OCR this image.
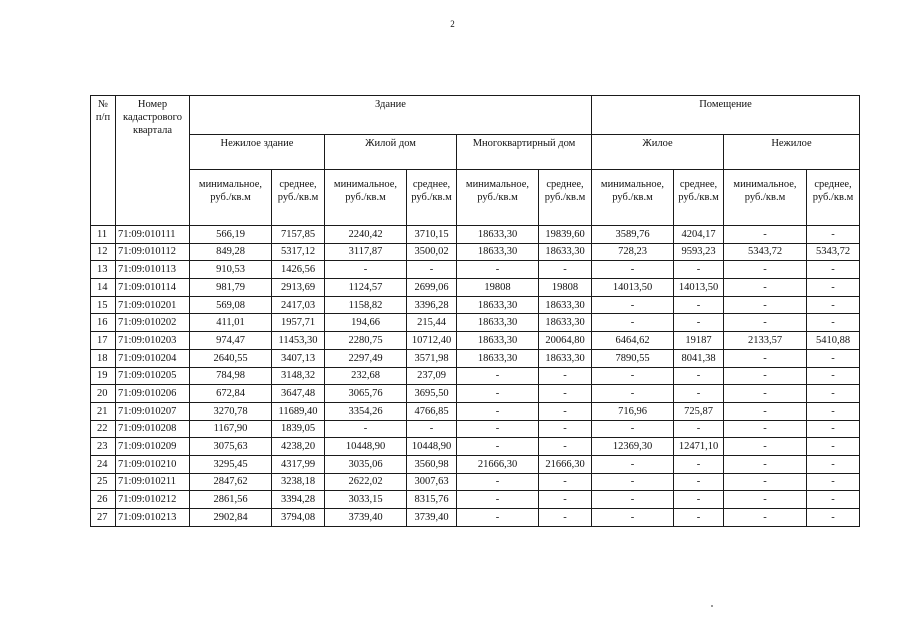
2
№ п/п	Номер кадастрового квартала	Здание						Помещение			
		Нежилое здание		Жилой дом		Многоквартирный дом		Жилое		Нежилое	
		минимальное, руб./кв.м	среднее, руб./кв.м	минимальное, руб./кв.м	среднее, руб./кв.м	минимальное, руб./кв.м	среднее, руб./кв.м	минимальное, руб./кв.м	среднее, руб./кв.м	минимальное, руб./кв.м	среднее, руб./кв.м
11	71:09:010111	566,19	7157,85	2240,42	3710,15	18633,30	19839,60	3589,76	4204,17	-	-
12	71:09:010112	849,28	5317,12	3117,87	3500,02	18633,30	18633,30	728,23	9593,23	5343,72	5343,72
13	71:09:010113	910,53	1426,56	-	-	-	-	-	-	-	-
14	71:09:010114	981,79	2913,69	1124,57	2699,06	19808	19808	14013,50	14013,50	-	-
15	71:09:010201	569,08	2417,03	1158,82	3396,28	18633,30	18633,30	-	-	-	-
16	71:09:010202	411,01	1957,71	194,66	215,44	18633,30	18633,30	-	-	-	-
17	71:09:010203	974,47	11453,30	2280,75	10712,40	18633,30	20064,80	6464,62	19187	2133,57	5410,88
18	71:09:010204	2640,55	3407,13	2297,49	3571,98	18633,30	18633,30	7890,55	8041,38	-	-
19	71:09:010205	784,98	3148,32	232,68	237,09	-	-	-	-	-	-
20	71:09:010206	672,84	3647,48	3065,76	3695,50	-	-	-	-	-	-
21	71:09:010207	3270,78	11689,40	3354,26	4766,85	-	-	716,96	725,87	-	-
22	71:09:010208	1167,90	1839,05	-	-	-	-	-	-	-	-
23	71:09:010209	3075,63	4238,20	10448,90	10448,90	-	-	12369,30	12471,10	-	-
24	71:09:010210	3295,45	4317,99	3035,06	3560,98	21666,30	21666,30	-	-	-	-
25	71:09:010211	2847,62	3238,18	2622,02	3007,63	-	-	-	-	-	-
26	71:09:010212	2861,56	3394,28	3033,15	8315,76	-	-	-	-	-	-
27	71:09:010213	2902,84	3794,08	3739,40	3739,40	-	-	-	-	-	-
